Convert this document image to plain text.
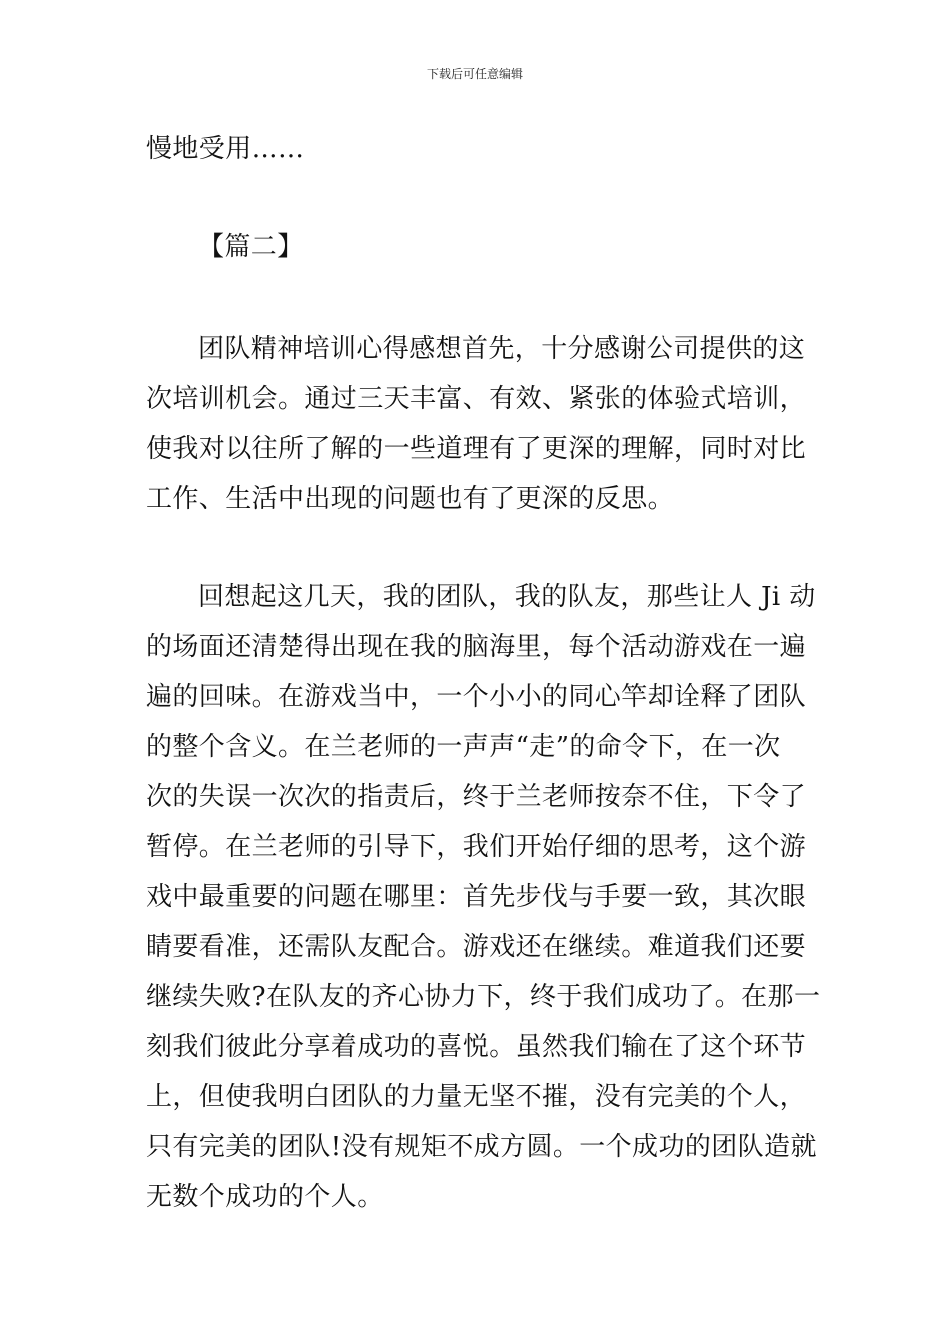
下载后可任意编辑
慢地受用……
【篇二】
团队精神培训心得感想首先，十分感谢公司提供的这
次培训机会。通过三天丰富、有效、紧张的体验式培训，
使我对以往所了解的一些道理有了更深的理解，同时对比
工作、生活中出现的问题也有了更深的反思。
回想起这几天，我的团队，我的队友，那些让人 Ji 动
的场面还清楚得出现在我的脑海里，每个活动游戏在一遍
遍的回味。在游戏当中，一个小小的同心竿却诠释了团队
的整个含义。在兰老师的一声声“走”的命令下，在一次
次的失误一次次的指责后，终于兰老师按奈不住，下令了
暂停。在兰老师的引导下，我们开始仔细的思考，这个游
戏中最重要的问题在哪里：首先步伐与手要一致，其次眼
睛要看准，还需队友配合。游戏还在继续。难道我们还要
继续失败?在队友的齐心协力下，终于我们成功了。在那一
刻我们彼此分享着成功的喜悦。虽然我们输在了这个环节
上，但使我明白团队的力量无坚不摧，没有完美的个人，
只有完美的团队!没有规矩不成方圆。一个成功的团队造就
无数个成功的个人。
